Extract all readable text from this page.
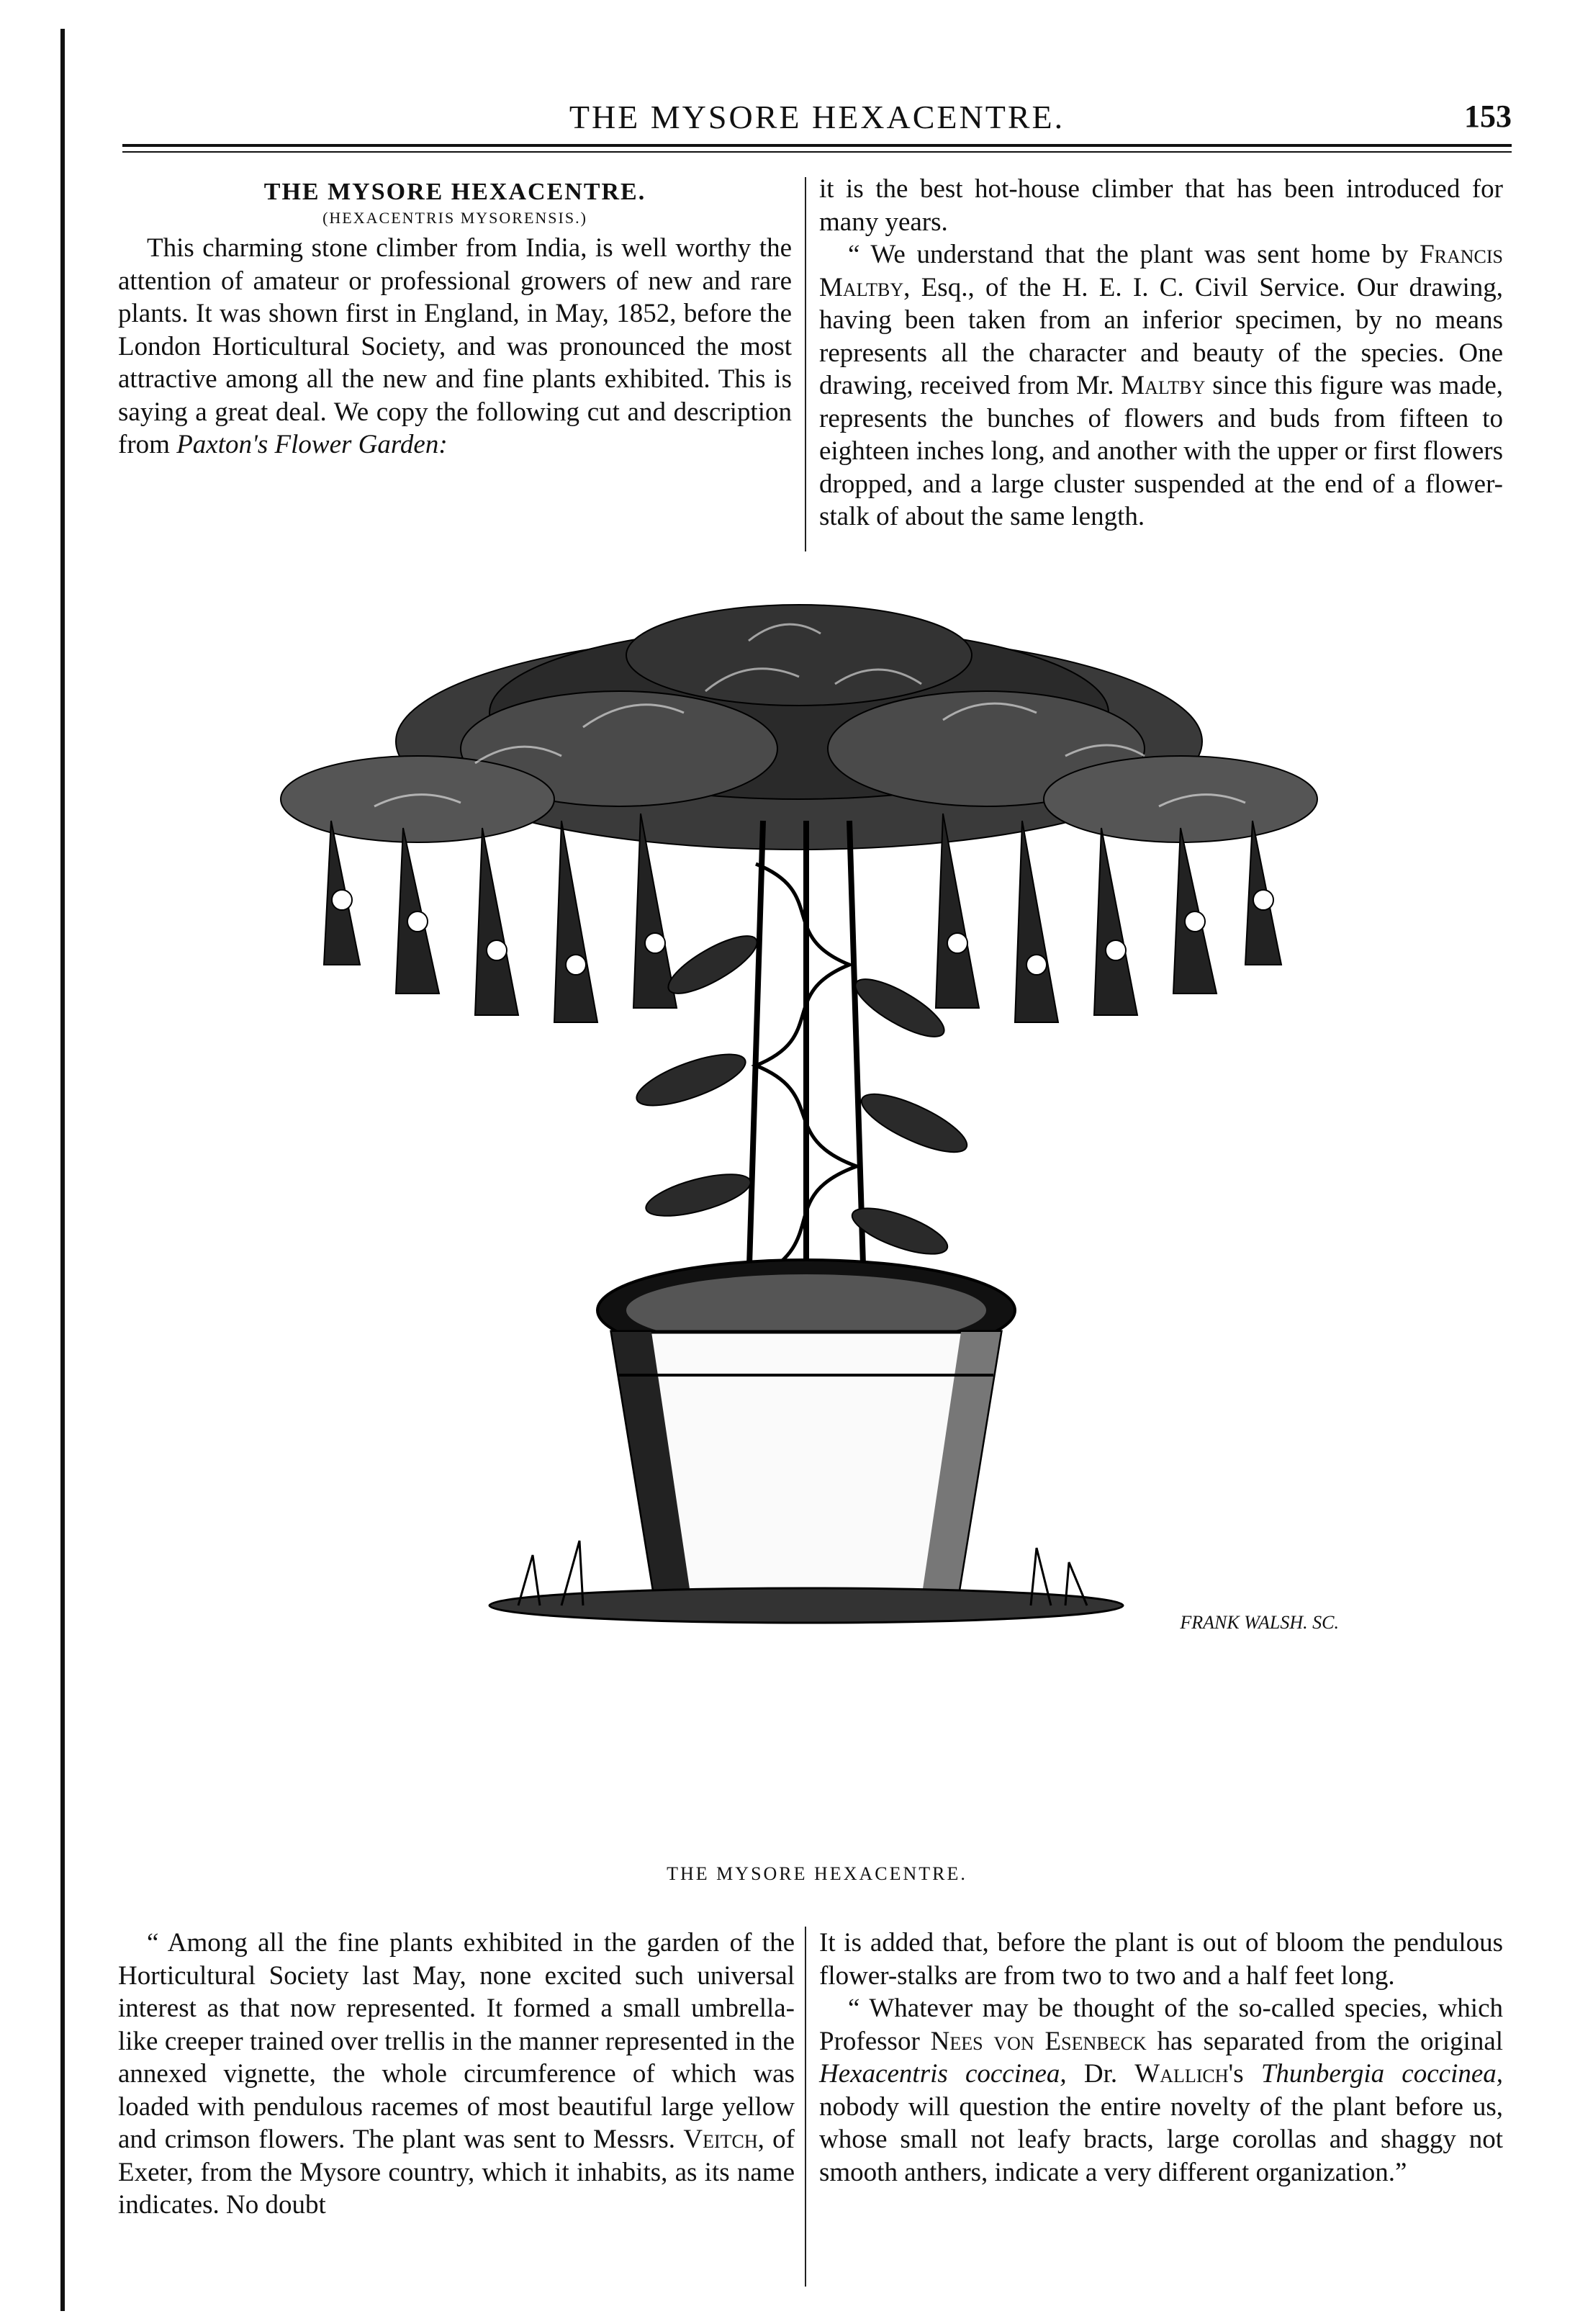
THE MYSORE HEXACENTRE.	153
THE MYSORE HEXACENTRE.
(HEXACENTRIS MYSORENSIS.)

This charming stone climber from India, is well worthy the attention of amateur or professional growers of new and rare plants. It was shown first in England, in May, 1852, before the London Horticultural Society, and was pronounced the most attractive among all the new and fine plants exhibited. This is saying a great deal. We copy the following cut and description from Paxton's Flower Garden:

it is the best hot-house climber that has been introduced for many years.

“ We understand that the plant was sent home by Francis Maltby, Esq., of the H. E. I. C. Civil Service. Our drawing, having been taken from an inferior specimen, by no means represents all the character and beauty of the species. One drawing, received from Mr. Maltby since this figure was made, represents the bunches of flowers and buds from fifteen to eighteen inches long, and another with the upper or first flowers dropped, and a large cluster suspended at the end of a flower-stalk of about the same length.

FRANK WALSH. SC.
THE MYSORE HEXACENTRE.

“ Among all the fine plants exhibited in the garden of the Horticultural Society last May, none excited such universal interest as that now represented. It formed a small umbrella-like creeper trained over trellis in the manner represented in the annexed vignette, the whole circumference of which was loaded with pendulous racemes of most beautiful large yellow and crimson flowers. The plant was sent to Messrs. Veitch, of Exeter, from the Mysore country, which it inhabits, as its name indicates. No doubt

It is added that, before the plant is out of bloom the pendulous flower-stalks are from two to two and a half feet long.

“ Whatever may be thought of the so-called species, which Professor Nees von Esenbeck has separated from the original Hexacentris coccinea, Dr. Wallich's Thunbergia coccinea, nobody will question the entire novelty of the plant before us, whose small not leafy bracts, large corollas and shaggy not smooth anthers, indicate a very different organization.”
